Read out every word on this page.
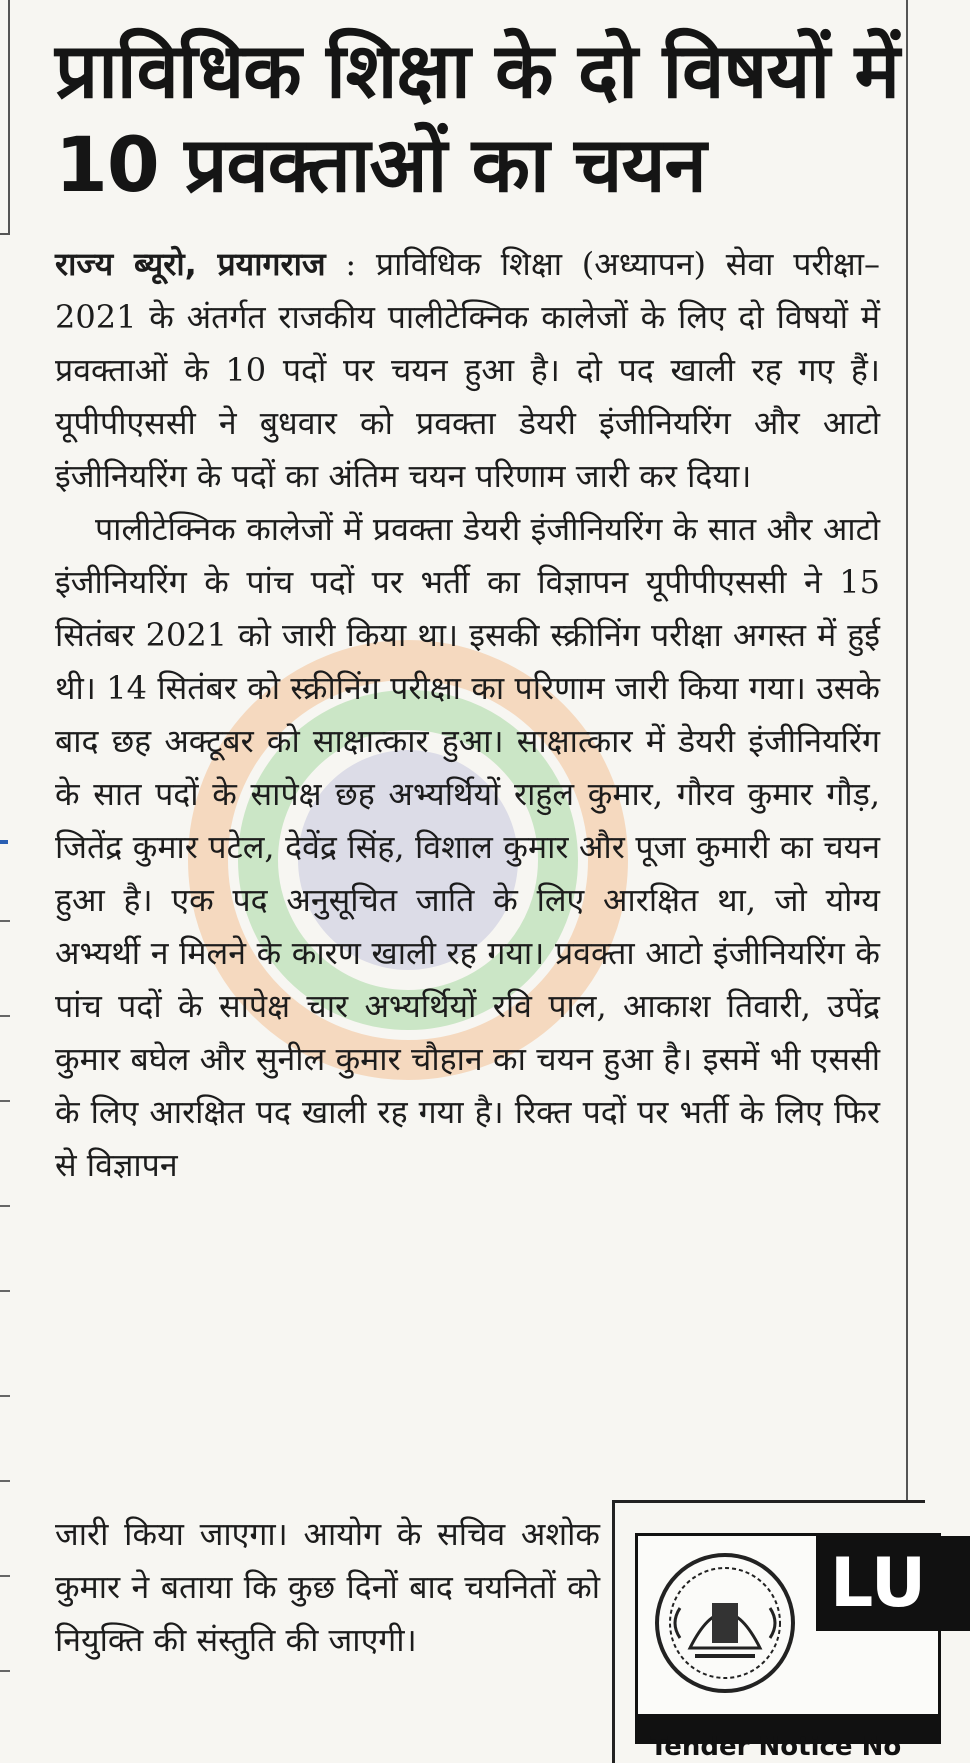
प्राविधिक शिक्षा के दो विषयों में 10 प्रवक्ताओं का चयन

राज्य ब्यूरो, प्रयागराज : प्राविधिक शिक्षा (अध्यापन) सेवा परीक्षा– 2021 के अंतर्गत राजकीय पालीटेक्निक कालेजों के लिए दो विषयों में प्रवक्ताओं के 10 पदों पर चयन हुआ है। दो पद खाली रह गए हैं। यूपीपीएससी ने बुधवार को प्रवक्ता डेयरी इंजीनियरिंग और आटो इंजीनियरिंग के पदों का अंतिम चयन परिणाम जारी कर दिया।

पालीटेक्निक कालेजों में प्रवक्ता डेयरी इंजीनियरिंग के सात और आटो इंजीनियरिंग के पांच पदों पर भर्ती का विज्ञापन यूपीपीएससी ने 15 सितंबर 2021 को जारी किया था। इसकी स्क्रीनिंग परीक्षा अगस्त में हुई थी। 14 सितंबर को स्क्रीनिंग परीक्षा का परिणाम जारी किया गया। उसके बाद छह अक्टूबर को साक्षात्कार हुआ। साक्षात्कार में डेयरी इंजीनियरिंग के सात पदों के सापेक्ष छह अभ्यर्थियों राहुल कुमार, गौरव कुमार गौड़, जितेंद्र कुमार पटेल, देवेंद्र सिंह, विशाल कुमार और पूजा कुमारी का चयन हुआ है। एक पद अनुसूचित जाति के लिए आरक्षित था, जो योग्य अभ्यर्थी न मिलने के कारण खाली रह गया। प्रवक्ता आटो इंजीनियरिंग के पांच पदों के सापेक्ष चार अभ्यर्थियों रवि पाल, आकाश तिवारी, उपेंद्र कुमार बघेल और सुनील कुमार चौहान का चयन हुआ है। इसमें भी एससी के लिए आरक्षित पद खाली रह गया है। रिक्त पदों पर भर्ती के लिए फिर से विज्ञापन

जारी किया जाएगा। आयोग के सचिव अशोक कुमार ने बताया कि कुछ दिनों बाद चयनितों को नियुक्ति की संस्तुति की जाएगी।

LU
Tender Notice No
